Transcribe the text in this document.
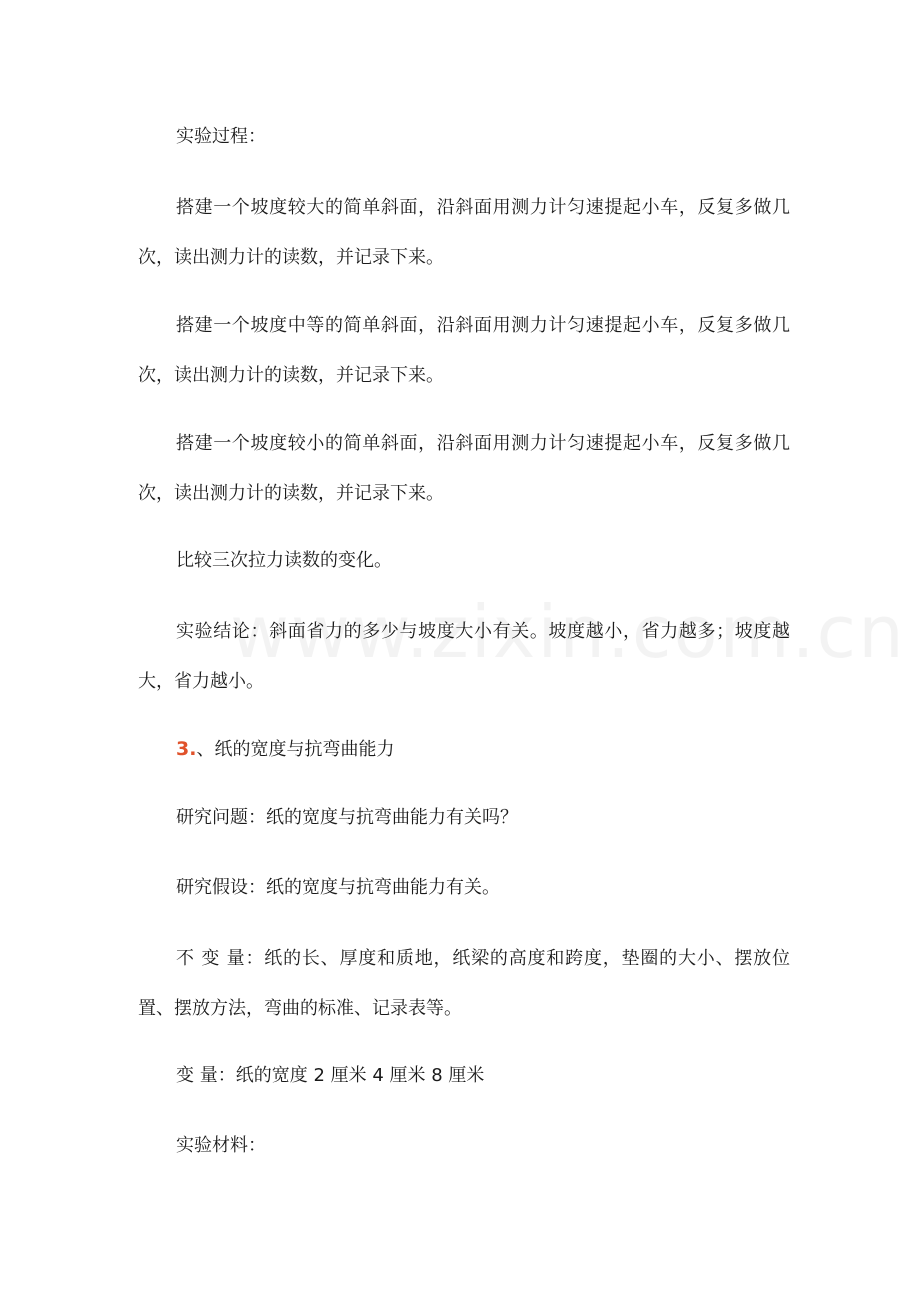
实验过程：

搭建一个坡度较大的简单斜面，沿斜面用测力计匀速提起小车，反复多做几次，读出测力计的读数，并记录下来。

搭建一个坡度中等的简单斜面，沿斜面用测力计匀速提起小车，反复多做几次，读出测力计的读数，并记录下来。

搭建一个坡度较小的简单斜面，沿斜面用测力计匀速提起小车，反复多做几次，读出测力计的读数，并记录下来。

比较三次拉力读数的变化。

实验结论：斜面省力的多少与坡度大小有关。坡度越小，省力越多；坡度越大，省力越小。

3.、纸的宽度与抗弯曲能力

研究问题：纸的宽度与抗弯曲能力有关吗？

研究假设：纸的宽度与抗弯曲能力有关。

不 变 量：纸的长、厚度和质地，纸梁的高度和跨度，垫圈的大小、摆放位置、摆放方法，弯曲的标准、记录表等。

变 量：纸的宽度 2 厘米 4 厘米 8 厘米

实验材料：
